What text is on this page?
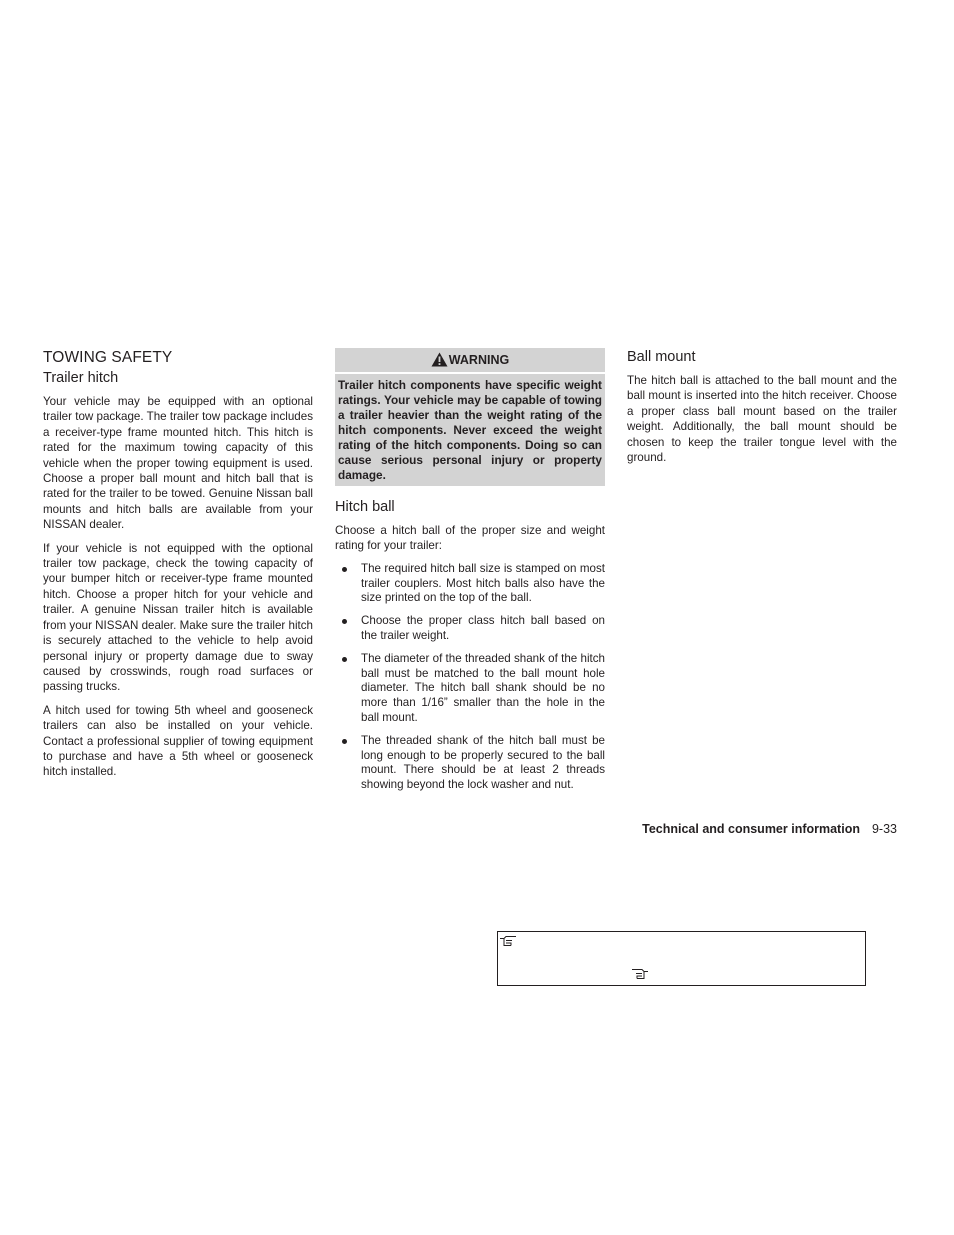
TOWING SAFETY
Trailer hitch

Your vehicle may be equipped with an optional trailer tow package. The trailer tow package includes a receiver-type frame mounted hitch. This hitch is rated for the maximum towing capacity of this vehicle when the proper towing equipment is used. Choose a proper ball mount and hitch ball that is rated for the trailer to be towed. Genuine Nissan ball mounts and hitch balls are available from your NISSAN dealer.

If your vehicle is not equipped with the optional trailer tow package, check the towing capacity of your bumper hitch or receiver-type frame mounted hitch. Choose a proper hitch for your vehicle and trailer. A genuine Nissan trailer hitch is available from your NISSAN dealer. Make sure the trailer hitch is securely attached to the vehicle to help avoid personal injury or property damage due to sway caused by crosswinds, rough road surfaces or passing trucks.

A hitch used for towing 5th wheel and gooseneck trailers can also be installed on your vehicle. Contact a professional supplier of towing equipment to purchase and have a 5th wheel or gooseneck hitch installed.

WARNING

Trailer hitch components have specific weight ratings. Your vehicle may be capable of towing a trailer heavier than the weight rating of the hitch components. Never exceed the weight rating of the hitch components. Doing so can cause serious personal injury or property damage.

Hitch ball

Choose a hitch ball of the proper size and weight rating for your trailer:

The required hitch ball size is stamped on most trailer couplers. Most hitch balls also have the size printed on the top of the ball.
Choose the proper class hitch ball based on the trailer weight.
The diameter of the threaded shank of the hitch ball must be matched to the ball mount hole diameter. The hitch ball shank should be no more than 1/16” smaller than the hole in the ball mount.
The threaded shank of the hitch ball must be long enough to be properly secured to the ball mount. There should be at least 2 threads showing beyond the lock washer and nut.
Ball mount

The hitch ball is attached to the ball mount and the ball mount is inserted into the hitch receiver. Choose a proper class ball mount based on the trailer weight. Additionally, the ball mount should be chosen to keep the trailer tongue level with the ground.

Technical and consumer information 9-33
